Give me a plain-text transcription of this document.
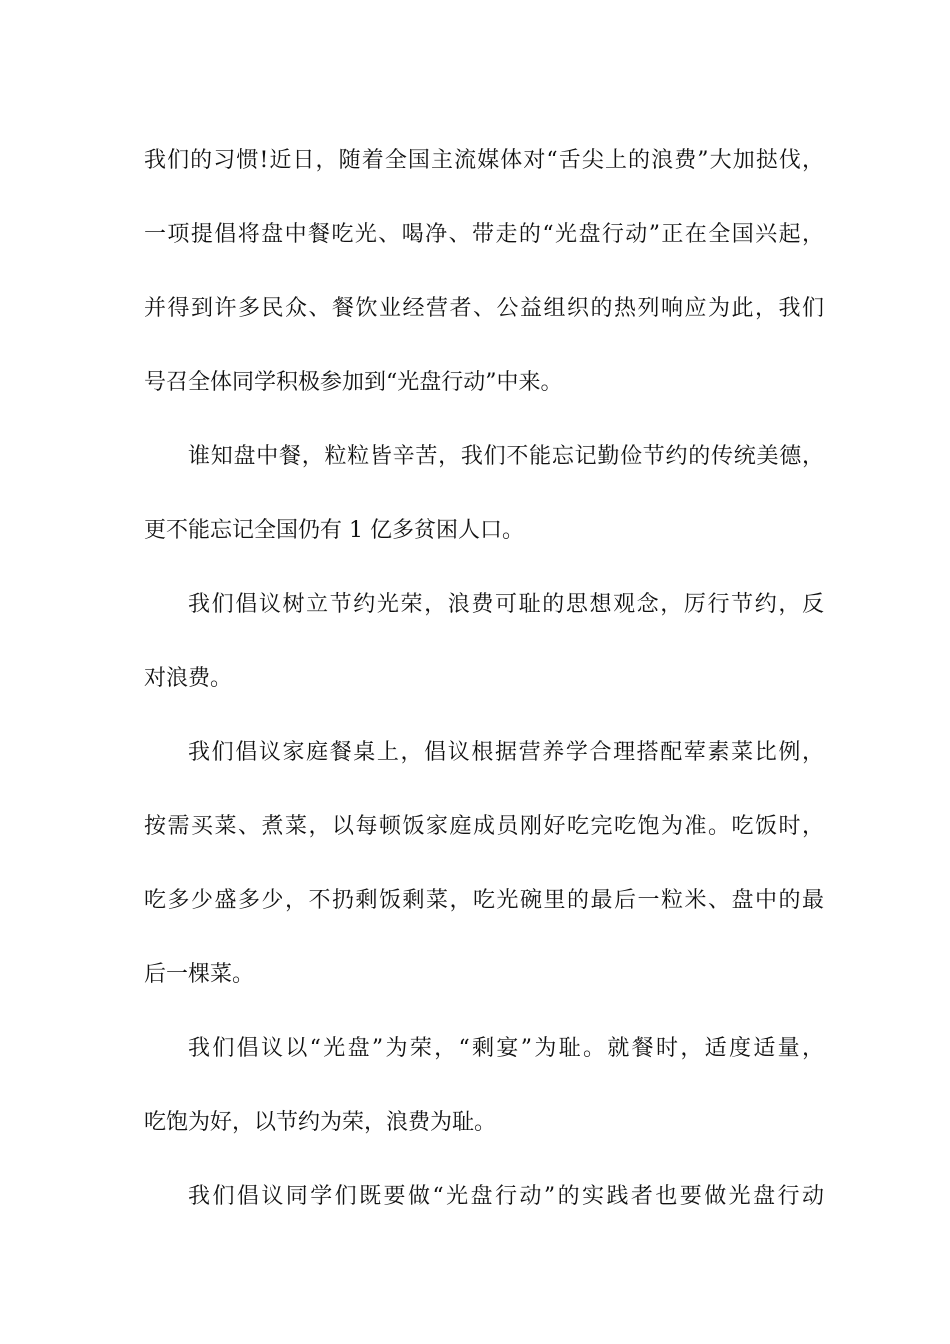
我们的习惯!近日，随着全国主流媒体对“舌尖上的浪费”大加挞伐，

一项提倡将盘中餐吃光、喝净、带走的“光盘行动”正在全国兴起，

并得到许多民众、餐饮业经营者、公益组织的热列响应为此，我们

号召全体同学积极参加到“光盘行动”中来。

谁知盘中餐，粒粒皆辛苦，我们不能忘记勤俭节约的传统美德，

更不能忘记全国仍有 1 亿多贫困人口。

我们倡议树立节约光荣，浪费可耻的思想观念，厉行节约，反

对浪费。

我们倡议家庭餐桌上，倡议根据营养学合理搭配荤素菜比例，

按需买菜、煮菜，以每顿饭家庭成员刚好吃完吃饱为准。吃饭时，

吃多少盛多少，不扔剩饭剩菜，吃光碗里的最后一粒米、盘中的最

后一棵菜。

我们倡议以“光盘”为荣，“剩宴”为耻。就餐时，适度适量，

吃饱为好，以节约为荣，浪费为耻。

我们倡议同学们既要做“光盘行动”的实践者也要做光盘行动
